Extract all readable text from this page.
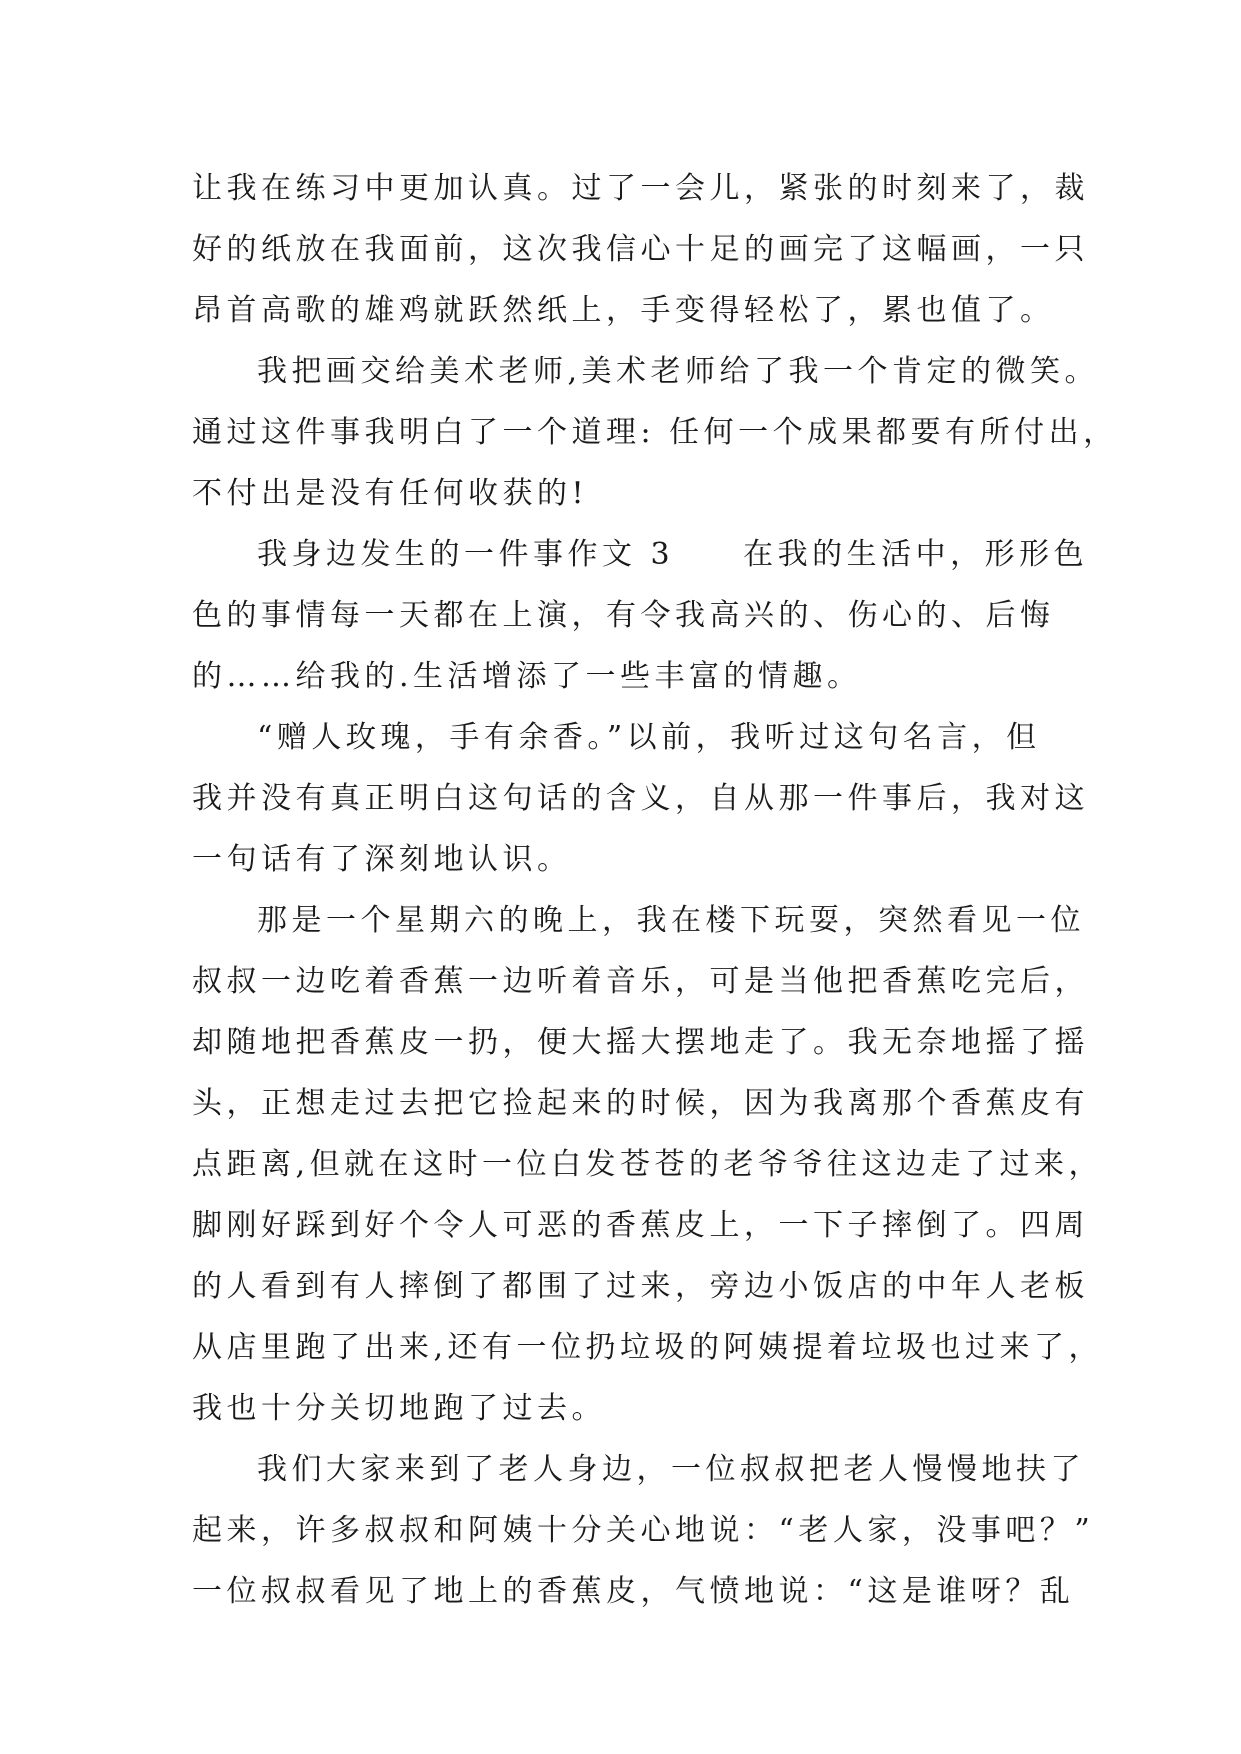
让我在练习中更加认真。过了一会儿，紧张的时刻来了，裁
好的纸放在我面前，这次我信心十足的画完了这幅画，一只
昂首高歌的雄鸡就跃然纸上，手变得轻松了，累也值了。
我把画交给美术老师,美术老师给了我一个肯定的微笑。
通过这件事我明白了一个道理: 任何一个成果都要有所付出，
不付出是没有任何收获的!
我身边发生的一件事作文 3　　在我的生活中，形形色
色的事情每一天都在上演，有令我高兴的、伤心的、后悔
的……给我的.生活增添了一些丰富的情趣。
“赠人玫瑰，手有余香。”以前，我听过这句名言，但
我并没有真正明白这句话的含义，自从那一件事后，我对这
一句话有了深刻地认识。
那是一个星期六的晚上，我在楼下玩耍，突然看见一位
叔叔一边吃着香蕉一边听着音乐，可是当他把香蕉吃完后，
却随地把香蕉皮一扔，便大摇大摆地走了。我无奈地摇了摇
头，正想走过去把它捡起来的时候，因为我离那个香蕉皮有
点距离,但就在这时一位白发苍苍的老爷爷往这边走了过来，
脚刚好踩到好个令人可恶的香蕉皮上，一下子摔倒了。四周
的人看到有人摔倒了都围了过来，旁边小饭店的中年人老板
从店里跑了出来,还有一位扔垃圾的阿姨提着垃圾也过来了，
我也十分关切地跑了过去。
我们大家来到了老人身边，一位叔叔把老人慢慢地扶了
起来，许多叔叔和阿姨十分关心地说：“老人家，没事吧？”
一位叔叔看见了地上的香蕉皮，气愤地说：“这是谁呀？乱
